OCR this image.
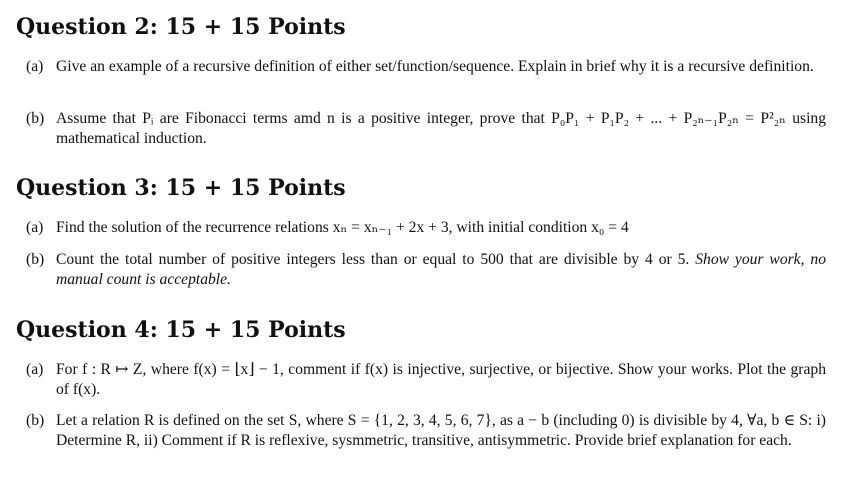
Question 2: 15 + 15 Points
(a) Give an example of a recursive definition of either set/function/sequence. Explain in brief why it is a recursive definition.
(b) Assume that Pᵢ are Fibonacci terms amd n is a positive integer, prove that P₀P₁ + P₁P₂ + ... + P₂ₙ₋₁P₂ₙ = P²₂ₙ using mathematical induction.
Question 3: 15 + 15 Points
(a) Find the solution of the recurrence relations xₙ = xₙ₋₁ + 2x + 3, with initial condition x₀ = 4
(b) Count the total number of positive integers less than or equal to 500 that are divisible by 4 or 5. Show your work, no manual count is acceptable.
Question 4: 15 + 15 Points
(a) For f : R ↦ Z, where f(x) = ⌊x⌋ − 1, comment if f(x) is injective, surjective, or bijective. Show your works. Plot the graph of f(x).
(b) Let a relation R is defined on the set S, where S = {1, 2, 3, 4, 5, 6, 7}, as a − b (including 0) is divisible by 4, ∀a, b ∈ S: i) Determine R, ii) Comment if R is reflexive, sysmmetric, transitive, antisymmetric. Provide brief explanation for each.
